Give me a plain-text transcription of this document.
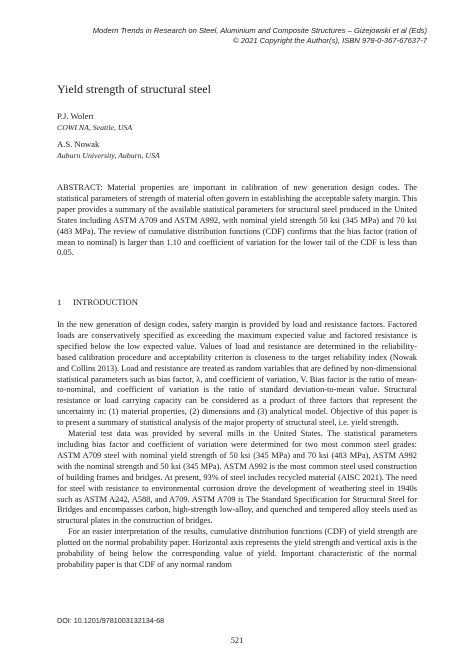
Modern Trends in Research on Steel, Aluminium and Composite Structures – Giżejowski et al (Eds)
© 2021 Copyright the Author(s), ISBN 978-0-367-67637-7
Yield strength of structural steel
P.J. Wolert
COWI NA, Seattle, USA
A.S. Nowak
Auburn University, Auburn, USA
ABSTRACT: Material properties are important in calibration of new generation design codes. The statistical parameters of strength of material often govern in establishing the acceptable safety margin. This paper provides a summary of the available statistical parameters for structural steel produced in the United States including ASTM A709 and ASTM A992, with nominal yield strength 50 ksi (345 MPa) and 70 ksi (483 MPa). The review of cumulative distribution functions (CDF) confirms that the bias factor (ration of mean to nominal) is larger than 1.10 and coefficient of variation for the lower tail of the CDF is less than 0.05.
1 INTRODUCTION

In the new generation of design codes, safety margin is provided by load and resistance factors. Factored loads are conservatively specified as exceeding the maximum expected value and factored resistance is specified below the low expected value. Values of load and resistance are determined in the reliability-based calibration procedure and acceptability criterion is closeness to the target reliability index (Nowak and Collins 2013). Load and resistance are treated as random variables that are defined by non-dimensional statistical parameters such as bias factor, λ, and coefficient of variation, V. Bias factor is the ratio of mean-to-nominal, and coefficient of variation is the ratio of standard deviation-to-mean value. Structural resistance or load carrying capacity can be considered as a product of three factors that represent the uncertainty in: (1) material properties, (2) dimensions and (3) analytical model. Objective of this paper is to present a summary of statistical analysis of the major property of structural steel, i.e. yield strength.

Material test data was provided by several mills in the United States. The statistical parameters including bias factor and coefficient of variation were determined for two most common steel grades: ASTM A709 steel with nominal yield strength of 50 ksi (345 MPa) and 70 ksi (483 MPa), ASTM A992 with the nominal strength and 50 ksi (345 MPa). ASTM A992 is the most common steel used construction of building frames and bridges. At present, 93% of steel includes recycled material (AISC 2021). The need for steel with resistance to environmental corrosion drove the development of weathering steel in 1940s such as ASTM A242, A588, and A709. ASTM A709 is The Standard Specification for Structural Steel for Bridges and encompasses carbon, high-strength low-alloy, and quenched and tempered alloy steels used as structural plates in the construction of bridges.

For an easier interpretation of the results, cumulative distribution functions (CDF) of yield strength are plotted on the normal probability paper. Horizontal axis represents the yield strength and vertical axis is the probability of being below the corresponding value of yield. Important characteristic of the normal probability paper is that CDF of any normal random

DOI: 10.1201/9781003132134-68
521
